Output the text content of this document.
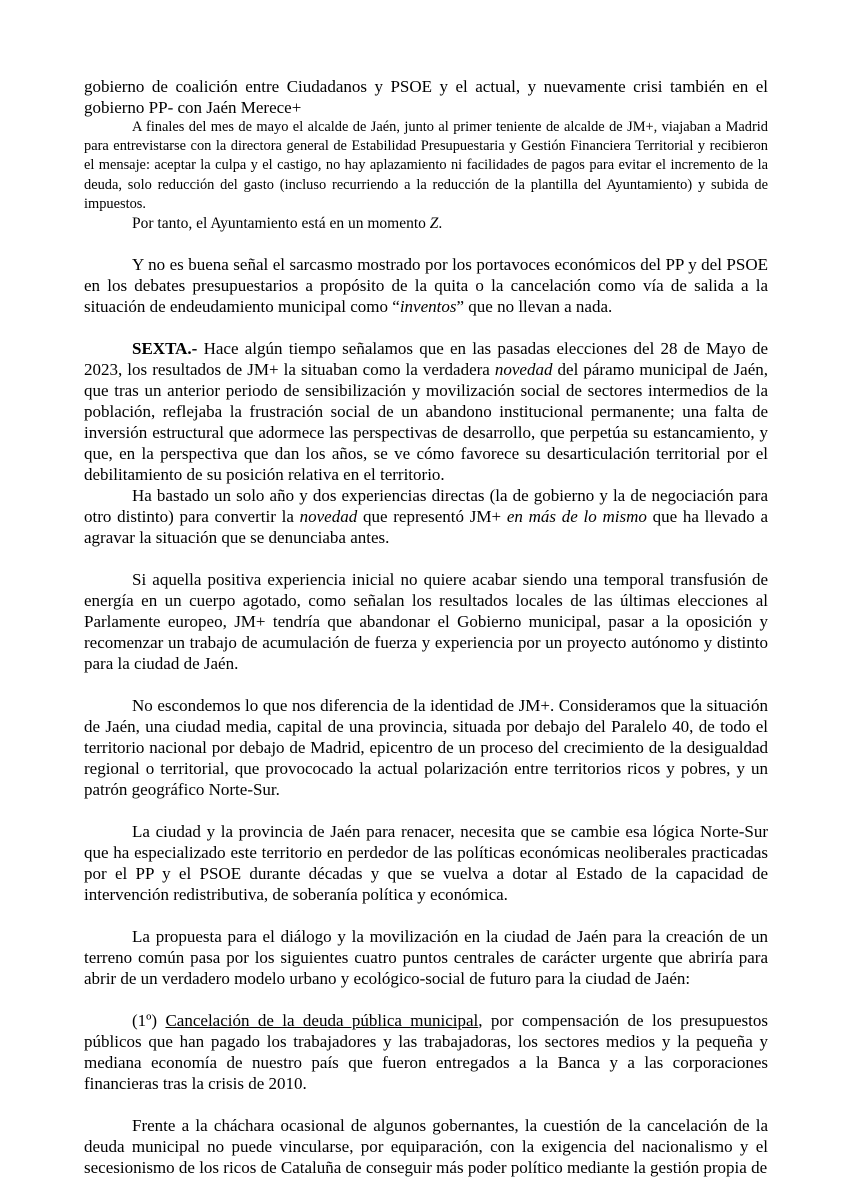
gobierno de coalición entre Ciudadanos y PSOE y el actual, y nuevamente crisi también en el gobierno PP- con Jaén Merece+

A finales del mes de mayo el alcalde de Jaén, junto al primer teniente de alcalde de JM+, viajaban a Madrid para entrevistarse con la directora general de Estabilidad Presupuestaria y Gestión Financiera Territorial y recibieron el mensaje: aceptar la culpa y el castigo, no hay aplazamiento ni facilidades de pagos para evitar el incremento de la deuda, solo reducción del gasto (incluso recurriendo a la reducción de la plantilla del Ayuntamiento) y subida de impuestos.

Por tanto, el Ayuntamiento está en un momento Z.

Y no es buena señal el sarcasmo mostrado por los portavoces económicos del PP y del PSOE en los debates presupuestarios a propósito de la quita o la cancelación como vía de salida a la situación de endeudamiento municipal como “inventos” que no llevan a nada.

SEXTA.- Hace algún tiempo señalamos que en las pasadas elecciones del 28 de Mayo de 2023, los resultados de JM+ la situaban como la verdadera novedad del páramo municipal de Jaén, que tras un anterior periodo de sensibilización y movilización social de sectores intermedios de la población, reflejaba la frustración social de un abandono institucional permanente; una falta de inversión estructural que adormece las perspectivas de desarrollo, que perpetúa su estancamiento, y que, en la perspectiva que dan los años, se ve cómo favorece su desarticulación territorial por el debilitamiento de su posición relativa en el territorio.

Ha bastado un solo año y dos experiencias directas (la de gobierno y la de negociación para otro distinto) para convertir la novedad que representó JM+ en más de lo mismo que ha llevado a agravar la situación que se denunciaba antes.

Si aquella positiva experiencia inicial no quiere acabar siendo una temporal transfusión de energía en un cuerpo agotado, como señalan los resultados locales de las últimas elecciones al Parlamente europeo, JM+ tendría que abandonar el Gobierno municipal, pasar a la oposición y recomenzar un trabajo de acumulación de fuerza y experiencia por un proyecto autónomo y distinto para la ciudad de Jaén.

No escondemos lo que nos diferencia de la identidad de JM+. Consideramos que la situación de Jaén, una ciudad media, capital de una provincia, situada por debajo del Paralelo 40, de todo el territorio nacional por debajo de Madrid, epicentro de un proceso del crecimiento de la desigualdad regional o territorial, que provococado la actual polarización entre territorios ricos y pobres, y un patrón geográfico Norte-Sur.

La ciudad y la provincia de Jaén para renacer, necesita que se cambie esa lógica Norte-Sur que ha especializado este territorio en perdedor de las políticas económicas neoliberales practicadas por el PP y el PSOE durante décadas y que se vuelva a dotar al Estado de la capacidad de intervención redistributiva, de soberanía política y económica.

La propuesta para el diálogo y la movilización en la ciudad de Jaén para la creación de un terreno común pasa por los siguientes cuatro puntos centrales de carácter urgente que abriría para abrir de un verdadero modelo urbano y ecológico-social de futuro para la ciudad de Jaén:

(1º) Cancelación de la deuda pública municipal, por compensación de los presupuestos públicos que han pagado los trabajadores y las trabajadoras, los sectores medios y la pequeña y mediana economía de nuestro país que fueron entregados a la Banca y a las corporaciones financieras tras la crisis de 2010.

Frente a la cháchara ocasional de algunos gobernantes, la cuestión de la cancelación de la deuda municipal no puede vincularse, por equiparación, con la exigencia del nacionalismo y el secesionismo de los ricos de Cataluña de conseguir más poder político mediante la gestión propia de
